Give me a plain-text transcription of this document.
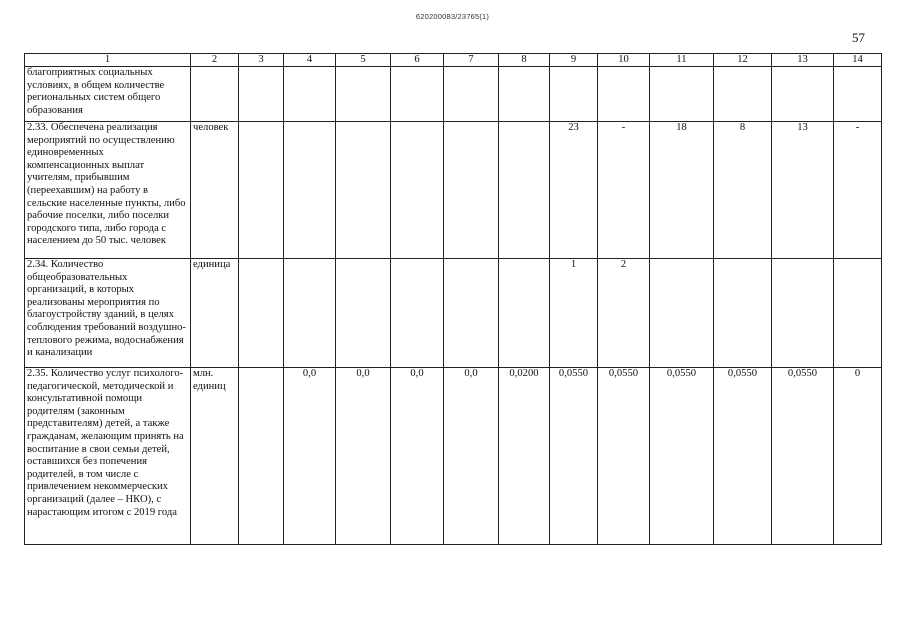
620200083/23765(1)
57
1	2	3	4	5	6	7	8	9	10	11	12	13	14
благоприятных социальных условиях, в общем количестве региональных систем общего образования													
2.33. Обеспечена реализация мероприятий по осуществлению единовременных компенсационных выплат учителям, прибывшим (переехавшим) на работу в сельские населенные пункты, либо рабочие поселки, либо поселки городского типа, либо города с населением до 50 тыс. человек	человек							23	-	18	8	13	-
2.34. Количество общеобразовательных организаций, в которых реализованы мероприятия по благоустройству зданий, в целях соблюдения требований воздушно-теплового режима, водоснабжения и канализации	единица							1	2				
2.35. Количество услуг психолого-педагогической, методической и консультативной помощи родителям (законным представителям) детей, а также гражданам, желающим принять на воспитание в свои семьи детей, оставшихся без попечения родителей, в том числе с привлечением некоммерческих организаций (далее – НКО), с нарастающим итогом с 2019 года	млн. единиц		0,0	0,0	0,0	0,0	0,0200	0,0550	0,0550	0,0550	0,0550	0,0550	0
